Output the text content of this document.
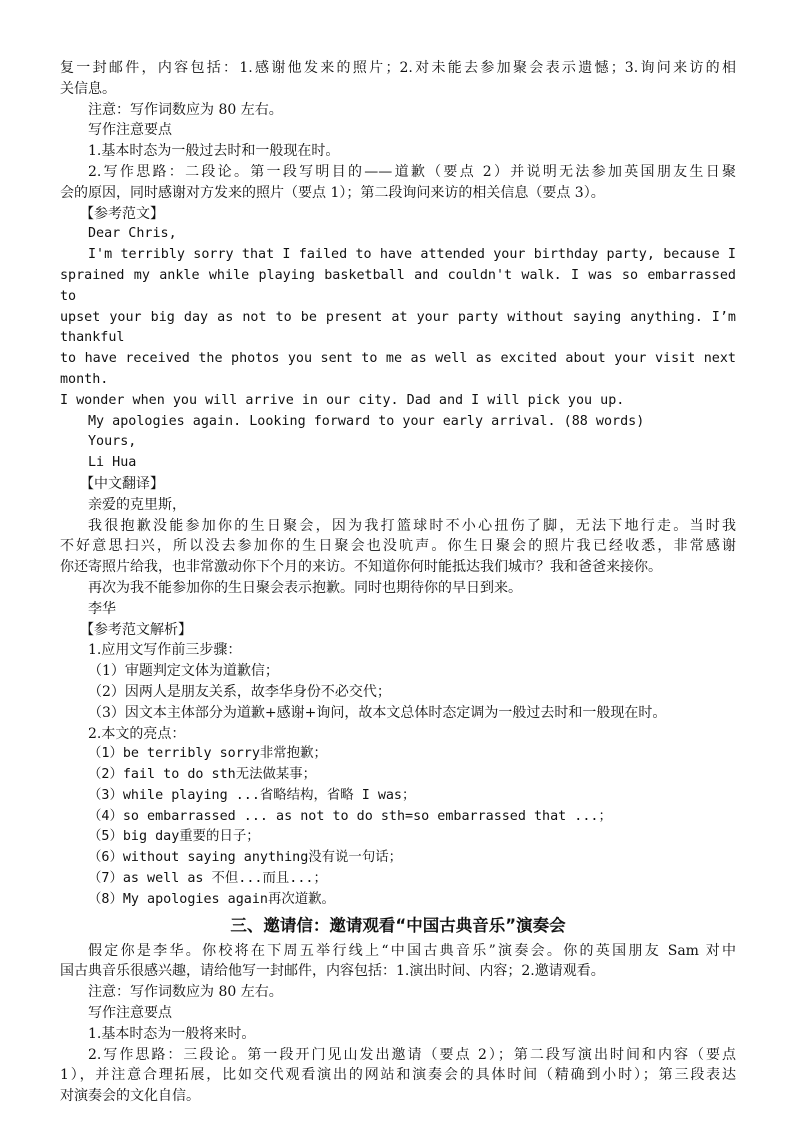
复一封邮件，内容包括：1.感谢他发来的照片；2.对未能去参加聚会表示遗憾；3.询问来访的相
关信息。

注意：写作词数应为 80 左右。

写作注意要点

1.基本时态为一般过去时和一般现在时。

2.写作思路：二段论。第一段写明目的——道歉（要点 2）并说明无法参加英国朋友生日聚
会的原因，同时感谢对方发来的照片（要点 1）；第二段询问来访的相关信息（要点 3）。

【参考范文】

Dear Chris,

I'm terribly sorry that I failed to have attended your birthday party, because I
sprained my ankle while playing basketball and couldn't walk. I was so embarrassed to
upset your big day as not to be present at your party without saying anything. I’m thankful
to have received the photos you sent to me as well as excited about your visit next month.
I wonder when you will arrive in our city. Dad and I will pick you up.

My apologies again. Looking forward to your early arrival. (88 words)

Yours,

Li Hua

【中文翻译】

亲爱的克里斯，

我很抱歉没能参加你的生日聚会，因为我打篮球时不小心扭伤了脚，无法下地行走。当时我
不好意思扫兴，所以没去参加你的生日聚会也没吭声。你生日聚会的照片我已经收悉，非常感谢
你还寄照片给我，也非常激动你下个月的来访。不知道你何时能抵达我们城市？我和爸爸来接你。

再次为我不能参加你的生日聚会表示抱歉。同时也期待你的早日到来。

李华

【参考范文解析】

1.应用文写作前三步骤：

（1）审题判定文体为道歉信；

（2）因两人是朋友关系，故李华身份不必交代；

（3）因文本主体部分为道歉+感谢+询问，故本文总体时态定调为一般过去时和一般现在时。

2.本文的亮点：

（1）be terribly sorry非常抱歉；

（2）fail to do sth无法做某事；

（3）while playing ...省略结构，省略 I was；

（4）so embarrassed ... as not to do sth=so embarrassed that ...；

（5）big day重要的日子；

（6）without saying anything没有说一句话；

（7）as well as 不但...而且...；

（8）My apologies again再次道歉。

三、邀请信：邀请观看“中国古典音乐”演奏会

假定你是李华。你校将在下周五举行线上“中国古典音乐”演奏会。你的英国朋友 Sam 对中
国古典音乐很感兴趣，请给他写一封邮件，内容包括：1.演出时间、内容；2.邀请观看。

注意：写作词数应为 80 左右。

写作注意要点

1.基本时态为一般将来时。

2.写作思路：三段论。第一段开门见山发出邀请（要点 2）；第二段写演出时间和内容（要点
1），并注意合理拓展，比如交代观看演出的网站和演奏会的具体时间（精确到小时）；第三段表达
对演奏会的文化自信。
